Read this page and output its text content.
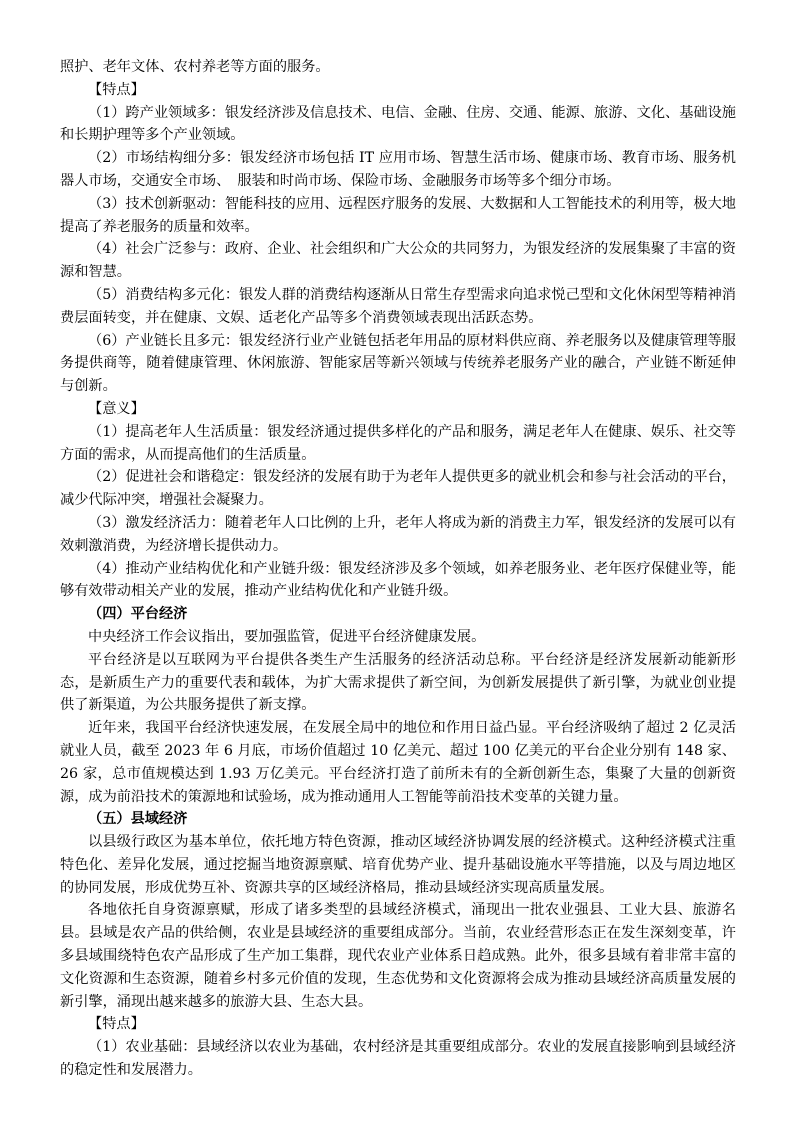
照护、老年文体、农村养老等方面的服务。

【特点】

（1）跨产业领域多：银发经济涉及信息技术、电信、金融、住房、交通、能源、旅游、文化、基础设施和长期护理等多个产业领域。

（2）市场结构细分多：银发经济市场包括 IT 应用市场、智慧生活市场、健康市场、教育市场、服务机器人市场，交通安全市场、　服装和时尚市场、保险市场、金融服务市场等多个细分市场。

（3）技术创新驱动：智能科技的应用、远程医疗服务的发展、大数据和人工智能技术的利用等，极大地提高了养老服务的质量和效率。

（4）社会广泛参与：政府、企业、社会组织和广大公众的共同努力，为银发经济的发展集聚了丰富的资源和智慧。

（5）消费结构多元化：银发人群的消费结构逐渐从日常生存型需求向追求悦己型和文化休闲型等精神消费层面转变，并在健康、文娱、适老化产品等多个消费领域表现出活跃态势。

（6）产业链长且多元：银发经济行业产业链包括老年用品的原材料供应商、养老服务以及健康管理等服务提供商等，随着健康管理、休闲旅游、智能家居等新兴领域与传统养老服务产业的融合，产业链不断延伸与创新。

【意义】

（1）提高老年人生活质量：银发经济通过提供多样化的产品和服务，满足老年人在健康、娱乐、社交等方面的需求，从而提高他们的生活质量。

（2）促进社会和谐稳定：银发经济的发展有助于为老年人提供更多的就业机会和参与社会活动的平台，减少代际冲突，增强社会凝聚力。

（3）激发经济活力：随着老年人口比例的上升，老年人将成为新的消费主力军，银发经济的发展可以有效刺激消费，为经济增长提供动力。

（4）推动产业结构优化和产业链升级：银发经济涉及多个领域，如养老服务业、老年医疗保健业等，能够有效带动相关产业的发展，推动产业结构优化和产业链升级。

（四）平台经济

中央经济工作会议指出，要加强监管，促进平台经济健康发展。

平台经济是以互联网为平台提供各类生产生活服务的经济活动总称。平台经济是经济发展新动能新形态，是新质生产力的重要代表和载体，为扩大需求提供了新空间，为创新发展提供了新引擎，为就业创业提供了新渠道，为公共服务提供了新支撑。

近年来，我国平台经济快速发展，在发展全局中的地位和作用日益凸显。平台经济吸纳了超过 2 亿灵活就业人员，截至 2023 年 6 月底，市场价值超过 10 亿美元、超过 100 亿美元的平台企业分别有 148 家、26 家，总市值规模达到 1.93 万亿美元。平台经济打造了前所未有的全新创新生态，集聚了大量的创新资源，成为前沿技术的策源地和试验场，成为推动通用人工智能等前沿技术变革的关键力量。

（五）县域经济

以县级行政区为基本单位，依托地方特色资源，推动区域经济协调发展的经济模式。这种经济模式注重特色化、差异化发展，通过挖掘当地资源禀赋、培育优势产业、提升基础设施水平等措施，以及与周边地区的协同发展，形成优势互补、资源共享的区域经济格局，推动县域经济实现高质量发展。

各地依托自身资源禀赋，形成了诸多类型的县域经济模式，涌现出一批农业强县、工业大县、旅游名县。县域是农产品的供给侧，农业是县域经济的重要组成部分。当前，农业经营形态正在发生深刻变革，许多县域围绕特色农产品形成了生产加工集群，现代农业产业体系日趋成熟。此外，很多县域有着非常丰富的文化资源和生态资源，随着乡村多元价值的发现，生态优势和文化资源将会成为推动县域经济高质量发展的新引擎，涌现出越来越多的旅游大县、生态大县。

【特点】

（1）农业基础：县域经济以农业为基础，农村经济是其重要组成部分。农业的发展直接影响到县域经济的稳定性和发展潜力。
